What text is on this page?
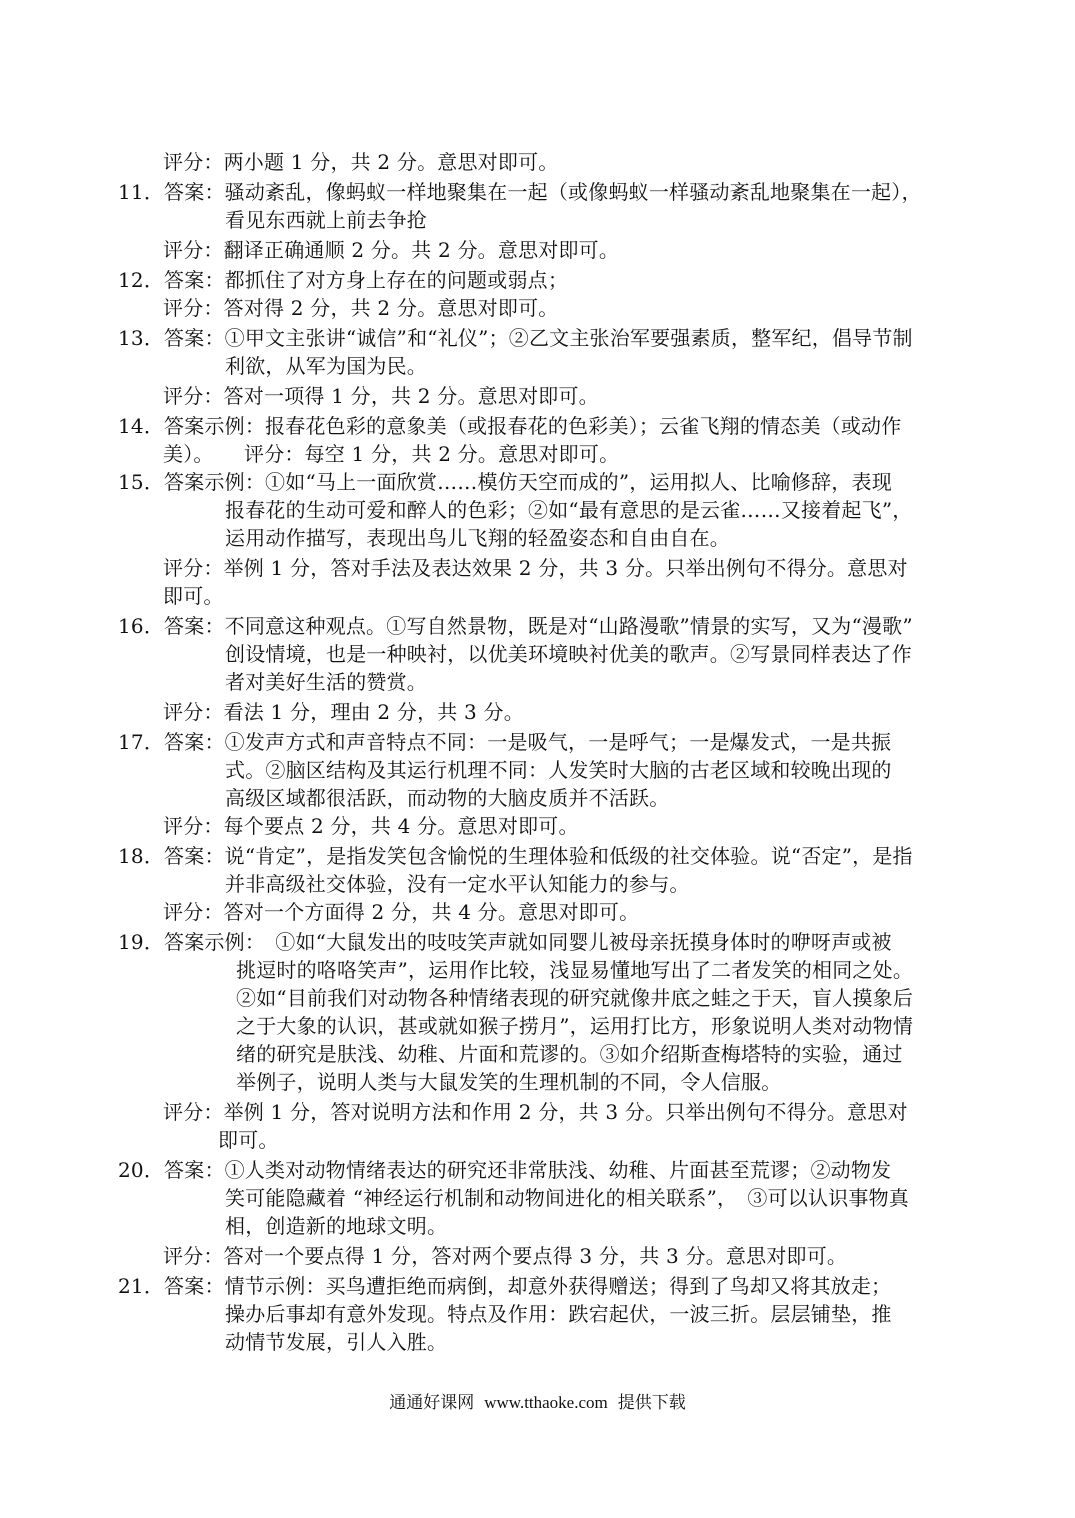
评分：两小题 1 分，共 2 分。意思对即可。
11．答案：骚动紊乱，像蚂蚁一样地聚集在一起（或像蚂蚁一样骚动紊乱地聚集在一起），
看见东西就上前去争抢
评分：翻译正确通顺 2 分。共 2 分。意思对即可。
12．答案：都抓住了对方身上存在的问题或弱点；
评分：答对得 2 分，共 2 分。意思对即可。
13．答案：①甲文主张讲“诚信”和“礼仪”；②乙文主张治军要强素质，整军纪，倡导节制
利欲，从军为国为民。
评分：答对一项得 1 分，共 2 分。意思对即可。
14．答案示例：报春花色彩的意象美（或报春花的色彩美）；云雀飞翔的情态美（或动作
美）。　　评分：每空 1 分，共 2 分。意思对即可。
15．答案示例：①如“马上一面欣赏……模仿天空而成的”，运用拟人、比喻修辞，表现
报春花的生动可爱和醉人的色彩；②如“最有意思的是云雀……又接着起飞”，
运用动作描写，表现出鸟儿飞翔的轻盈姿态和自由自在。
评分：举例 1 分，答对手法及表达效果 2 分，共 3 分。只举出例句不得分。意思对
即可。
16．答案：不同意这种观点。①写自然景物，既是对“山路漫歌”情景的实写，又为“漫歌”
创设情境，也是一种映衬，以优美环境映衬优美的歌声。②写景同样表达了作
者对美好生活的赞赏。
评分：看法 1 分，理由 2 分，共 3 分。
17．答案：①发声方式和声音特点不同：一是吸气，一是呼气；一是爆发式，一是共振
式。②脑区结构及其运行机理不同：人发笑时大脑的古老区域和较晚出现的
高级区域都很活跃，而动物的大脑皮质并不活跃。
评分：每个要点 2 分，共 4 分。意思对即可。
18．答案：说“肯定”，是指发笑包含愉悦的生理体验和低级的社交体验。说“否定”，是指
并非高级社交体验，没有一定水平认知能力的参与。
评分：答对一个方面得 2 分，共 4 分。意思对即可。
19．答案示例：　①如“大鼠发出的吱吱笑声就如同婴儿被母亲抚摸身体时的咿呀声或被
挑逗时的咯咯笑声”，运用作比较，浅显易懂地写出了二者发笑的相同之处。
②如“目前我们对动物各种情绪表现的研究就像井底之蛙之于天，盲人摸象后
之于大象的认识，甚或就如猴子捞月”，运用打比方，形象说明人类对动物情
绪的研究是肤浅、幼稚、片面和荒谬的。③如介绍斯查梅塔特的实验，通过
举例子，说明人类与大鼠发笑的生理机制的不同，令人信服。
评分：举例 1 分，答对说明方法和作用 2 分，共 3 分。只举出例句不得分。意思对
即可。
20．答案：①人类对动物情绪表达的研究还非常肤浅、幼稚、片面甚至荒谬；②动物发
笑可能隐藏着 “神经运行机制和动物间进化的相关联系”，　③可以认识事物真
相，创造新的地球文明。
评分：答对一个要点得 1 分，答对两个要点得 3 分，共 3 分。意思对即可。
21．答案：情节示例：买鸟遭拒绝而病倒，却意外获得赠送；得到了鸟却又将其放走；
操办后事却有意外发现。特点及作用：跌宕起伏，一波三折。层层铺垫，推
动情节发展，引人入胜。
通通好课网 www.tthaoke.com 提供下载
